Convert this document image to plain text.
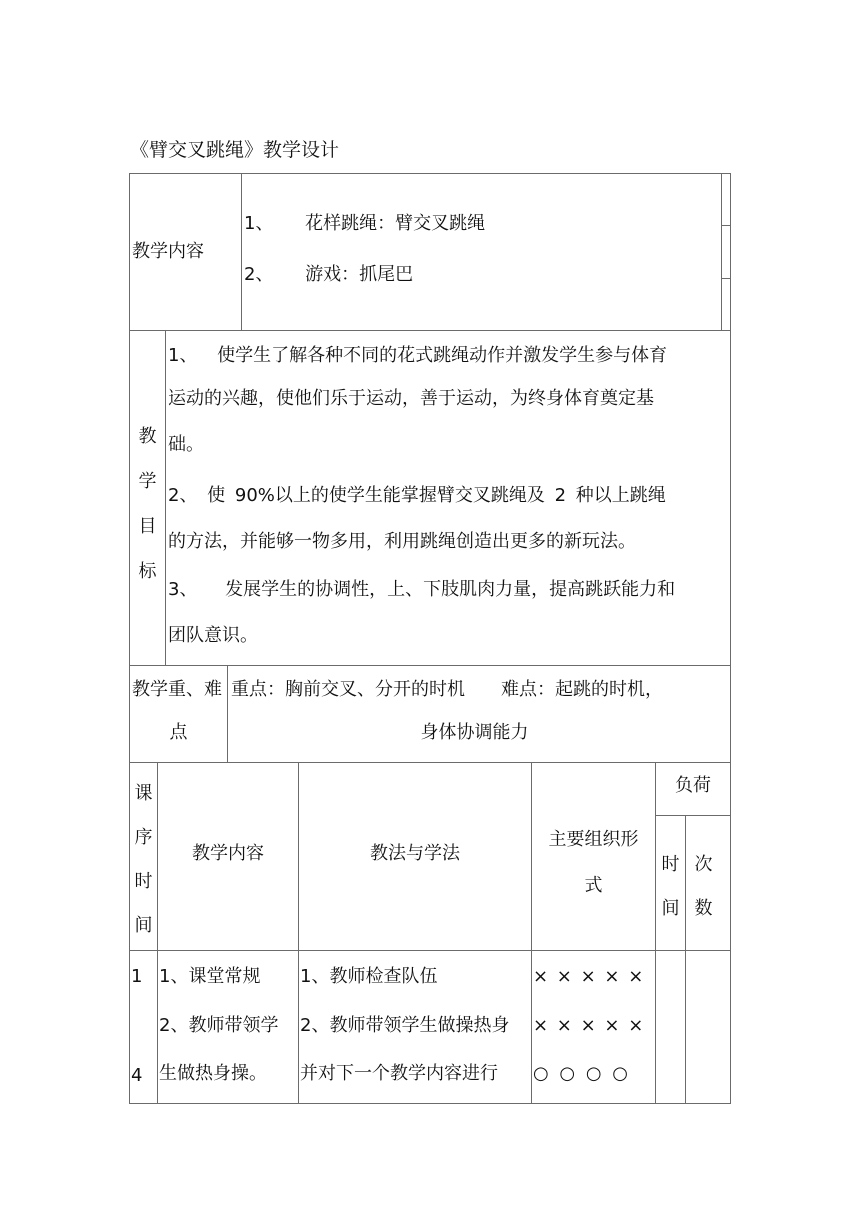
《臂交叉跳绳》教学设计
教学内容
1、 花样跳绳：臂交叉跳绳
2、 游戏：抓尾巴
教
学
目
标
1、 使学生了解各种不同的花式跳绳动作并激发学生参与体育
运动的兴趣，使他们乐于运动，善于运动，为终身体育奠定基
础。
2、 使 90%以上的使学生能掌握臂交叉跳绳及 2 种以上跳绳
的方法，并能够一物多用，利用跳绳创造出更多的新玩法。
3、 发展学生的协调性，上、下肢肌肉力量，提高跳跃能力和
团队意识。
教学重、难
点
重点：胸前交叉、分开的时机　　难点：起跳的时机，
身体协调能力
课
序
时
间
教学内容	教法与学法
主要组织形
式
负荷
时
间
次
数
1
4
1、课堂常规
2、教师带领学
生做热身操。
1、教师检查队伍
2、教师带领学生做操热身
并对下一个教学内容进行
× × × × ×
× × × × ×
○ ○ ○ ○
